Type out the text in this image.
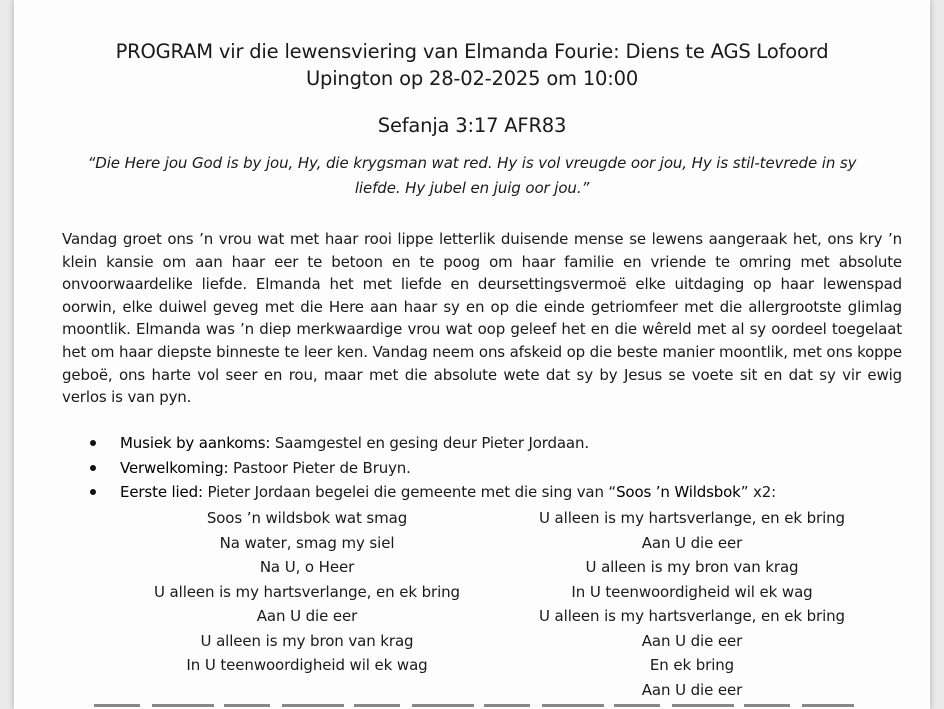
PROGRAM vir die lewensviering van Elmanda Fourie: Diens te AGS Lofoord
Upington op 28-02-2025 om 10:00
Sefanja 3:17 AFR83
“Die Here jou God is by jou, Hy, die krygsman wat red. Hy is vol vreugde oor jou, Hy is stil-tevrede in sy liefde. Hy jubel en juig oor jou.”
Vandag groet ons ’n vrou wat met haar rooi lippe letterlik duisende mense se lewens aangeraak het, ons kry ’n klein kansie om aan haar eer te betoon en te poog om haar familie en vriende te omring met absolute onvoorwaardelike liefde. Elmanda het met liefde en deursettingsvermoë elke uitdaging op haar lewenspad oorwin, elke duiwel geveg met die Here aan haar sy en op die einde getriomfeer met die allergrootste glimlag moontlik. Elmanda was ’n diep merkwaardige vrou wat oop geleef het en die wêreld met al sy oordeel toegelaat het om haar diepste binneste te leer ken. Vandag neem ons afskeid op die beste manier moontlik, met ons koppe geboë, ons harte vol seer en rou, maar met die absolute wete dat sy by Jesus se voete sit en dat sy vir ewig verlos is van pyn.
Musiek by aankoms: Saamgestel en gesing deur Pieter Jordaan.
Verwelkoming: Pastoor Pieter de Bruyn.
Eerste lied: Pieter Jordaan begelei die gemeente met die sing van “Soos ’n Wildsbok” x2:
Soos ’n wildsbok wat smag
Na water, smag my siel
Na U, o Heer
U alleen is my hartsverlange, en ek bring
Aan U die eer
U alleen is my bron van krag
In U teenwoordigheid wil ek wag
U alleen is my hartsverlange, en ek bring
Aan U die eer
U alleen is my bron van krag
In U teenwoordigheid wil ek wag
U alleen is my hartsverlange, en ek bring
Aan U die eer
En ek bring
Aan U die eer
